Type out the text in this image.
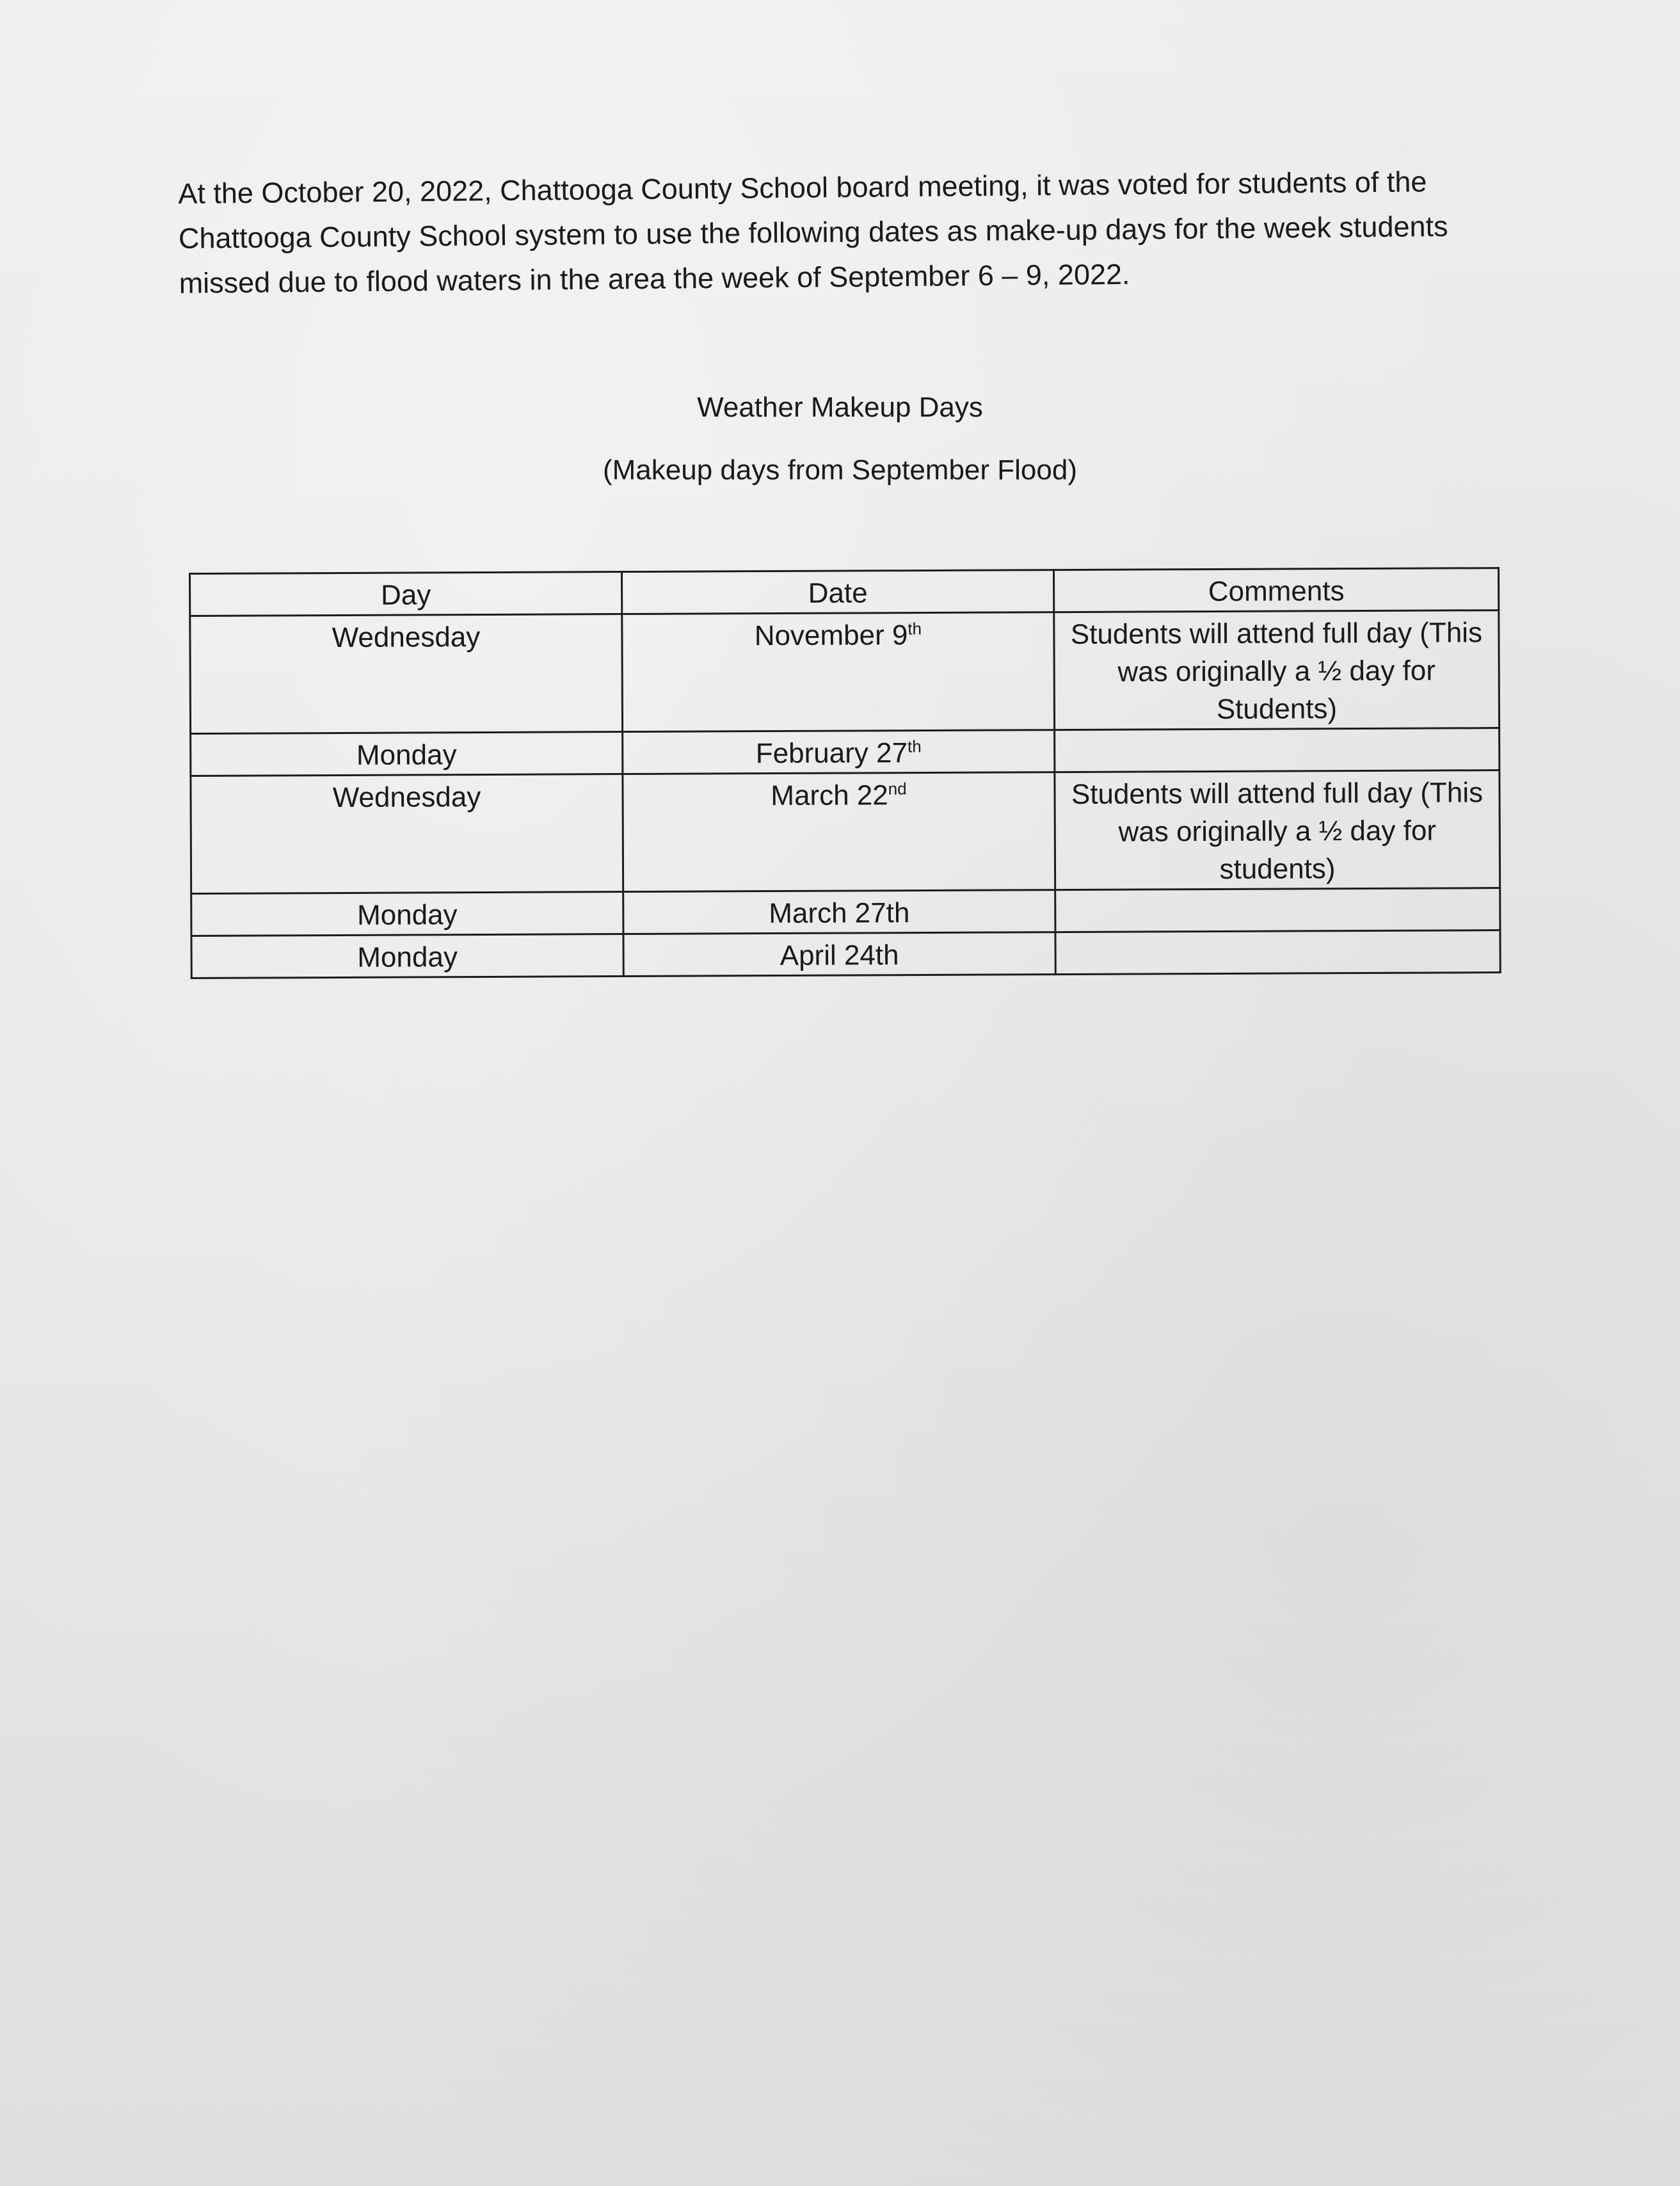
At the October 20, 2022, Chattooga County School board meeting, it was voted for students of the Chattooga County School system to use the following dates as make-up days for the week students missed due to flood waters in the area the week of September 6 – 9, 2022.

Weather Makeup Days

(Makeup days from September Flood)

Day	Date	Comments
Wednesday	November 9th	Students will attend full day (This was originally a ½ day for Students)
Monday	February 27th	
Wednesday	March 22nd	Students will attend full day (This was originally a ½ day for students)
Monday	March 27th	
Monday	April 24th	
